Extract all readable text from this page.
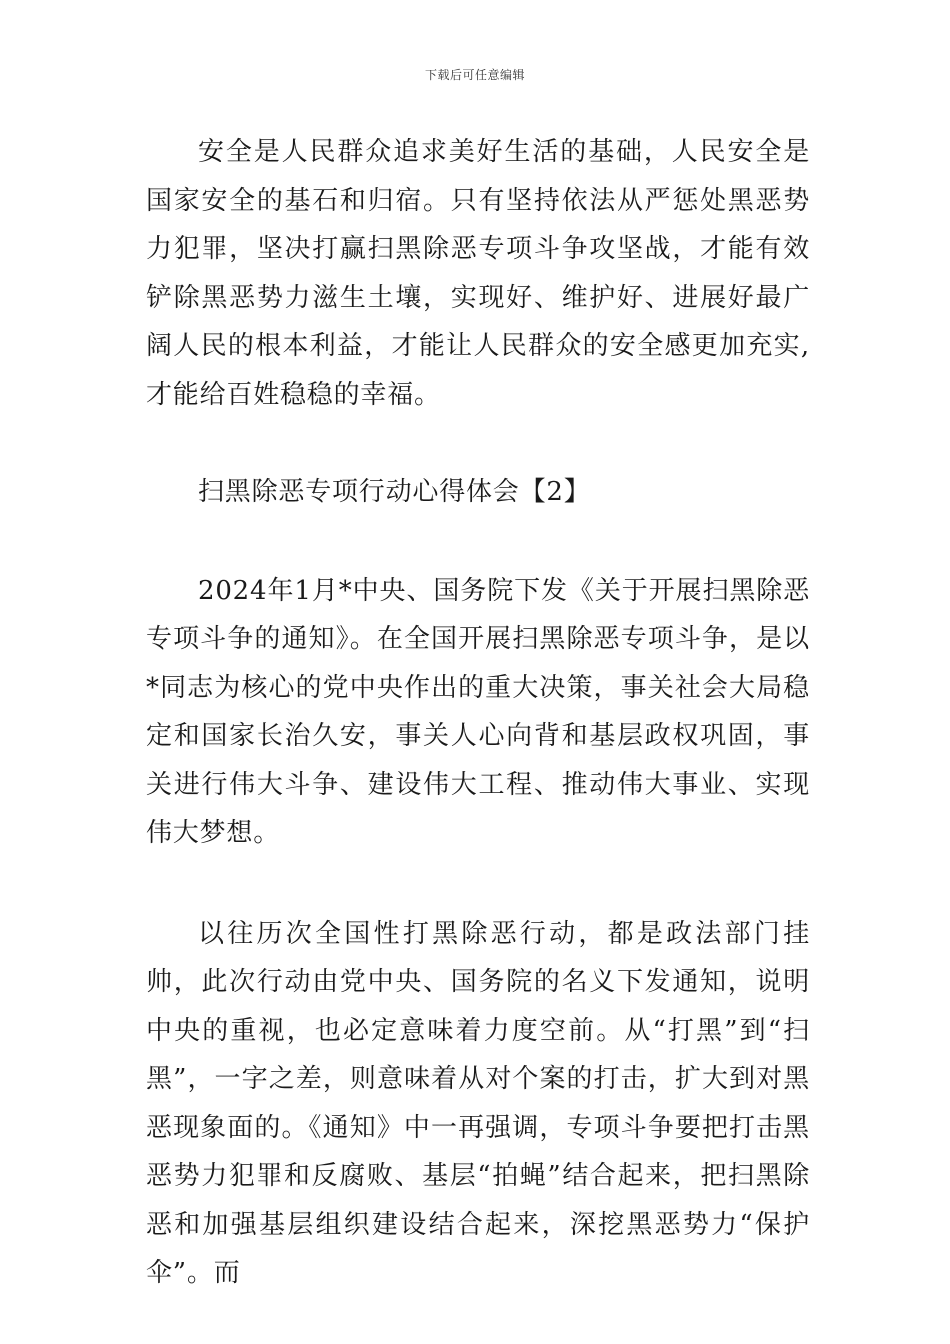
下载后可任意编辑

安全是人民群众追求美好生活的基础，人民安全是国家安全的基石和归宿。只有坚持依法从严惩处黑恶势力犯罪，坚决打赢扫黑除恶专项斗争攻坚战，才能有效铲除黑恶势力滋生土壤，实现好、维护好、进展好最广阔人民的根本利益，才能让人民群众的安全感更加充实,才能给百姓稳稳的幸福。

扫黑除恶专项行动心得体会【2】

2024年1月*中央、国务院下发《关于开展扫黑除恶专项斗争的通知》。在全国开展扫黑除恶专项斗争，是以*同志为核心的党中央作出的重大决策，事关社会大局稳定和国家长治久安，事关人心向背和基层政权巩固，事关进行伟大斗争、建设伟大工程、推动伟大事业、实现伟大梦想。

以往历次全国性打黑除恶行动，都是政法部门挂帅，此次行动由党中央、国务院的名义下发通知，说明中央的重视，也必定意味着力度空前。从“打黑”到“扫黑”，一字之差，则意味着从对个案的打击，扩大到对黑恶现象面的。《通知》中一再强调，专项斗争要把打击黑恶势力犯罪和反腐败、基层“拍蝇”结合起来，把扫黑除恶和加强基层组织建设结合起来，深挖黑恶势力“保护伞”。而
